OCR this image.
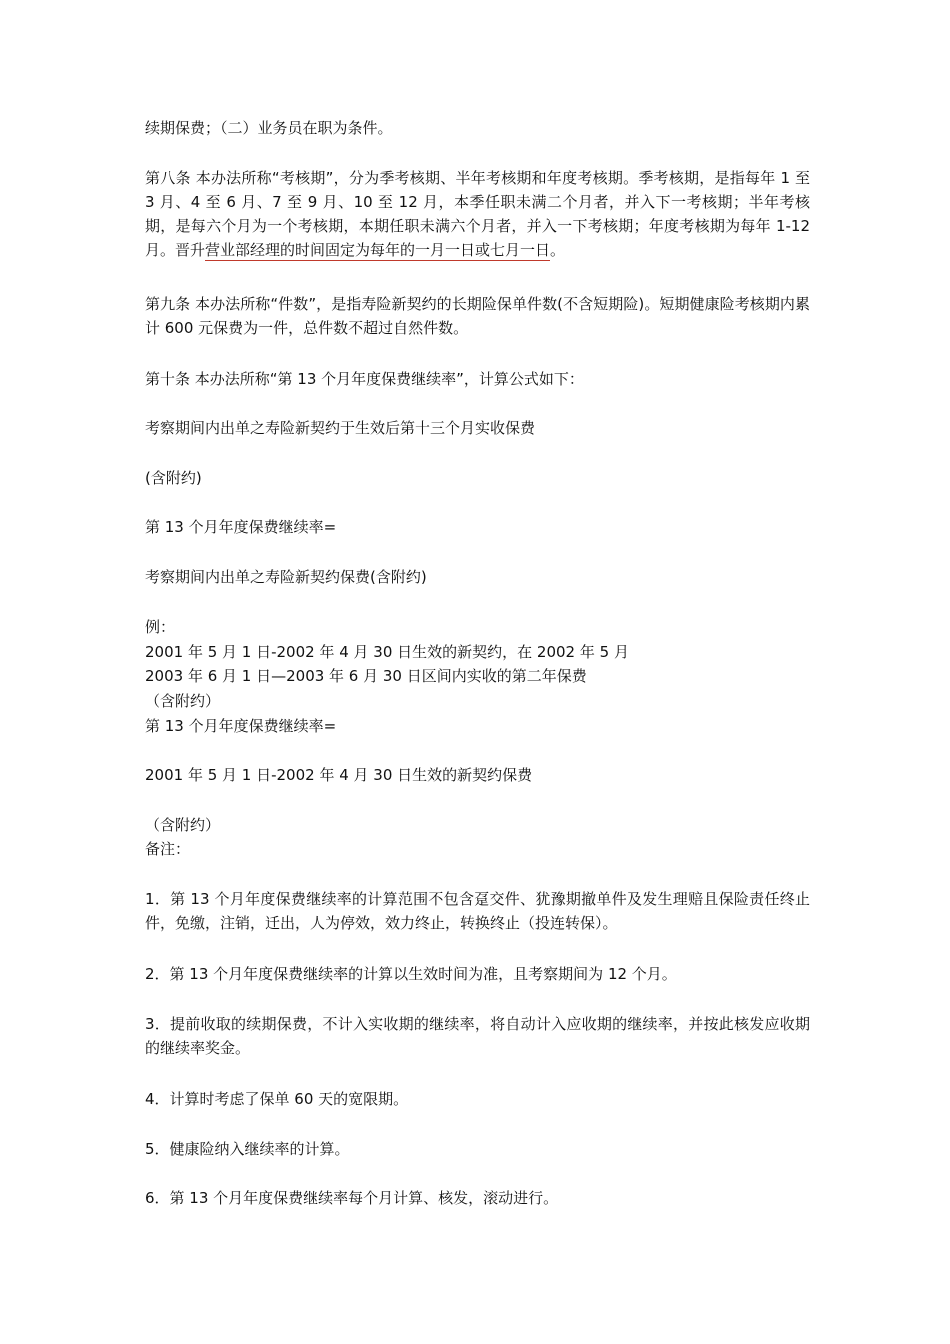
续期保费；（二）业务员在职为条件。

第八条 本办法所称“考核期”，分为季考核期、半年考核期和年度考核期。季考核期，是指每年 1 至 3 月、4 至 6 月、7 至 9 月、10 至 12 月，本季任职未满二个月者，并入下一考核期；半年考核期，是每六个月为一个考核期，本期任职未满六个月者，并入一下考核期；年度考核期为每年 1-12 月。晋升营业部经理的时间固定为每年的一月一日或七月一日。

第九条 本办法所称“件数”，是指寿险新契约的长期险保单件数(不含短期险)。短期健康险考核期内累计 600 元保费为一件，总件数不超过自然件数。

第十条 本办法所称“第 13 个月年度保费继续率”，计算公式如下：

考察期间内出单之寿险新契约于生效后第十三个月实收保费

(含附约)

第 13 个月年度保费继续率=

考察期间内出单之寿险新契约保费(含附约)

例：

2001 年 5 月 1 日-2002 年 4 月 30 日生效的新契约，在 2002 年 5 月

2003 年 6 月 1 日—2003 年 6 月 30 日区间内实收的第二年保费

（含附约）

第 13 个月年度保费继续率=

2001 年 5 月 1 日-2002 年 4 月 30 日生效的新契约保费

（含附约）

备注：

1．第 13 个月年度保费继续率的计算范围不包含趸交件、犹豫期撤单件及发生理赔且保险责任终止件，免缴，注销，迁出，人为停效，效力终止，转换终止（投连转保）。

2．第 13 个月年度保费继续率的计算以生效时间为准，且考察期间为 12 个月。

3．提前收取的续期保费，不计入实收期的继续率，将自动计入应收期的继续率，并按此核发应收期的继续率奖金。

4．计算时考虑了保单 60 天的宽限期。

5．健康险纳入继续率的计算。

6．第 13 个月年度保费继续率每个月计算、核发，滚动进行。
